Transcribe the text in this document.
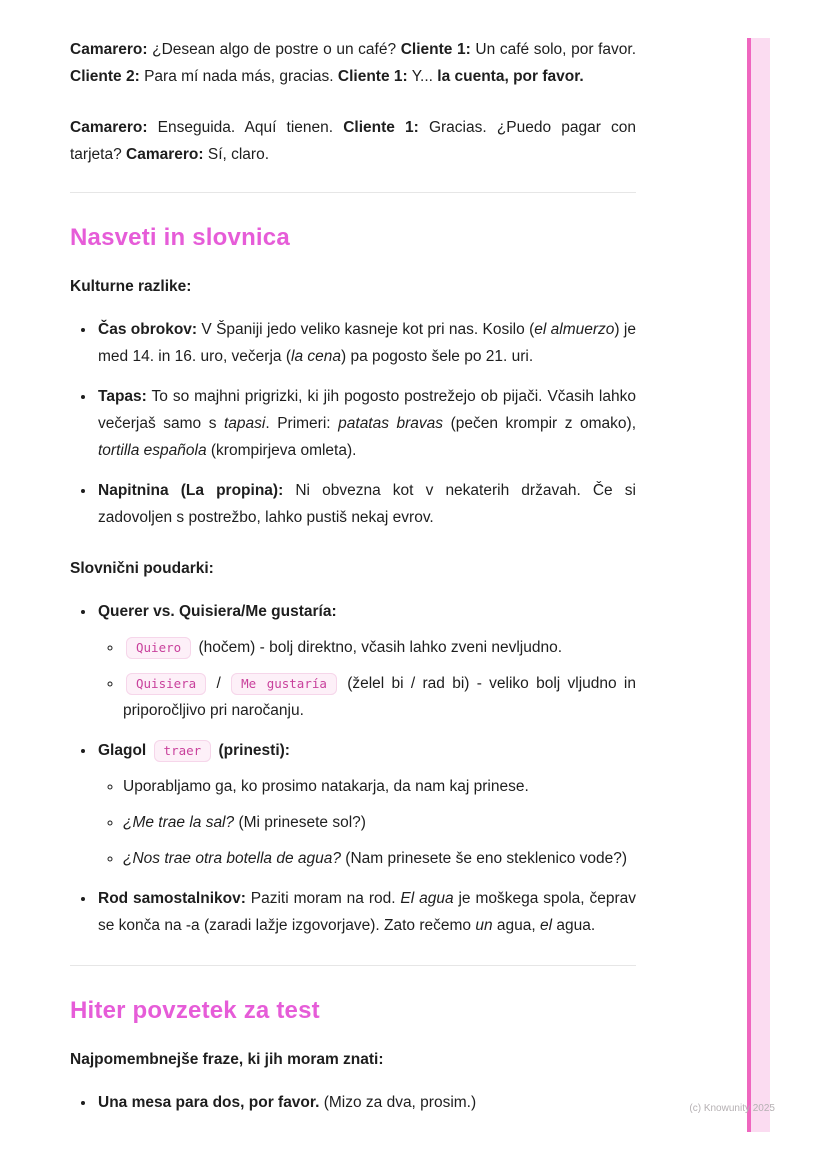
Camarero: ¿Desean algo de postre o un café? Cliente 1: Un café solo, por favor. Cliente 2: Para mí nada más, gracias. Cliente 1: Y... la cuenta, por favor.

Camarero: Enseguida. Aquí tienen. Cliente 1: Gracias. ¿Puedo pagar con tarjeta? Camarero: Sí, claro.

Nasveti in slovnica

Kulturne razlike:

• Čas obrokov: V Španiji jedo veliko kasneje kot pri nas. Kosilo (el almuerzo) je med 14. in 16. uro, večerja (la cena) pa pogosto šele po 21. uri.
• Tapas: To so majhni prigrizki, ki jih pogosto postrežejo ob pijači. Včasih lahko večerjaš samo s tapasi. Primeri: patatas bravas (pečen krompir z omako), tortilla española (krompirjeva omleta).
• Napitnina (La propina): Ni obvezna kot v nekaterih državah. Če si zadovoljen s postrežbo, lahko pustiš nekaj evrov.

Slovnični poudarki:

• Querer vs. Quisiera/Me gustaría:
◦ Quiero (hočem) - bolj direktno, včasih lahko zveni nevljudno.
◦ Quisiera / Me gustaría (želel bi / rad bi) - veliko bolj vljudno in priporočljivo pri naročanju.
• Glagol traer (prinesti):
◦ Uporabljamo ga, ko prosimo natakarja, da nam kaj prinese.
◦ ¿Me trae la sal? (Mi prinesete sol?)
◦ ¿Nos trae otra botella de agua? (Nam prinesete še eno steklenico vode?)
• Rod samostalnikov: Paziti moram na rod. El agua je moškega spola, čeprav se konča na -a (zaradi lažje izgovorjave). Zato rečemo un agua, el agua.
Hiter povzetek za test

Najpomembnejše fraze, ki jih moram znati:

• Una mesa para dos, por favor. (Mizo za dva, prosim.)	(c) Knowunity 2025
